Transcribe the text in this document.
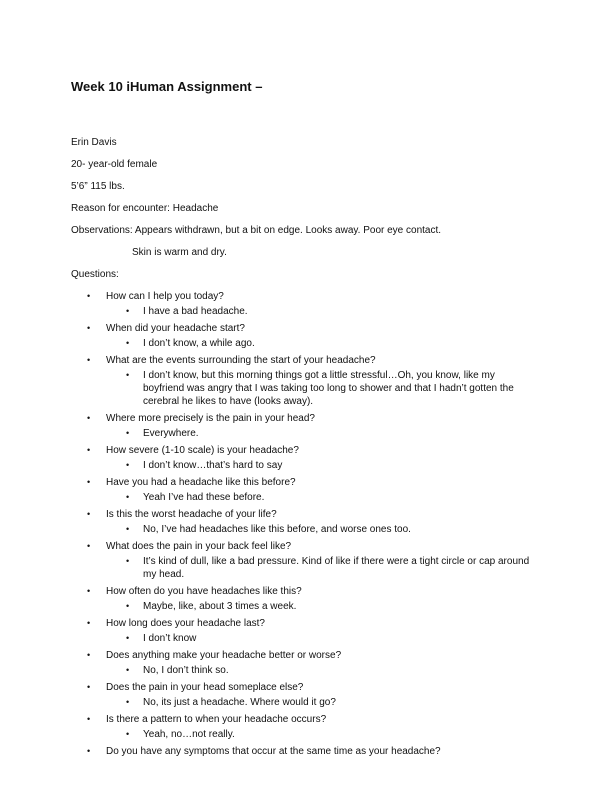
Week 10 iHuman Assignment –
Erin Davis
20- year-old female
5’6” 115 lbs.
Reason for encounter: Headache
Observations: Appears withdrawn, but a bit on edge. Looks away. Poor eye contact.
Skin is warm and dry.
Questions:
• How can I help you today?
• I have a bad headache.
• When did your headache start?
• I don’t know, a while ago.
• What are the events surrounding the start of your headache?
• I don’t know, but this morning things got a little stressful…Oh, you know, like my boyfriend was angry that I was taking too long to shower and that I hadn’t gotten the cerebral he likes to have (looks away).
• Where more precisely is the pain in your head?
• Everywhere.
• How severe (1-10 scale) is your headache?
• I don’t know…that’s hard to say
• Have you had a headache like this before?
• Yeah I’ve had these before.
• Is this the worst headache of your life?
• No, I’ve had headaches like this before, and worse ones too.
• What does the pain in your back feel like?
• It’s kind of dull, like a bad pressure. Kind of like if there were a tight circle or cap around my head.
• How often do you have headaches like this?
• Maybe, like, about 3 times a week.
• How long does your headache last?
• I don’t know
• Does anything make your headache better or worse?
• No, I don’t think so.
• Does the pain in your head someplace else?
• No, its just a headache. Where would it go?
• Is there a pattern to when your headache occurs?
• Yeah, no…not really.
• Do you have any symptoms that occur at the same time as your headache?
